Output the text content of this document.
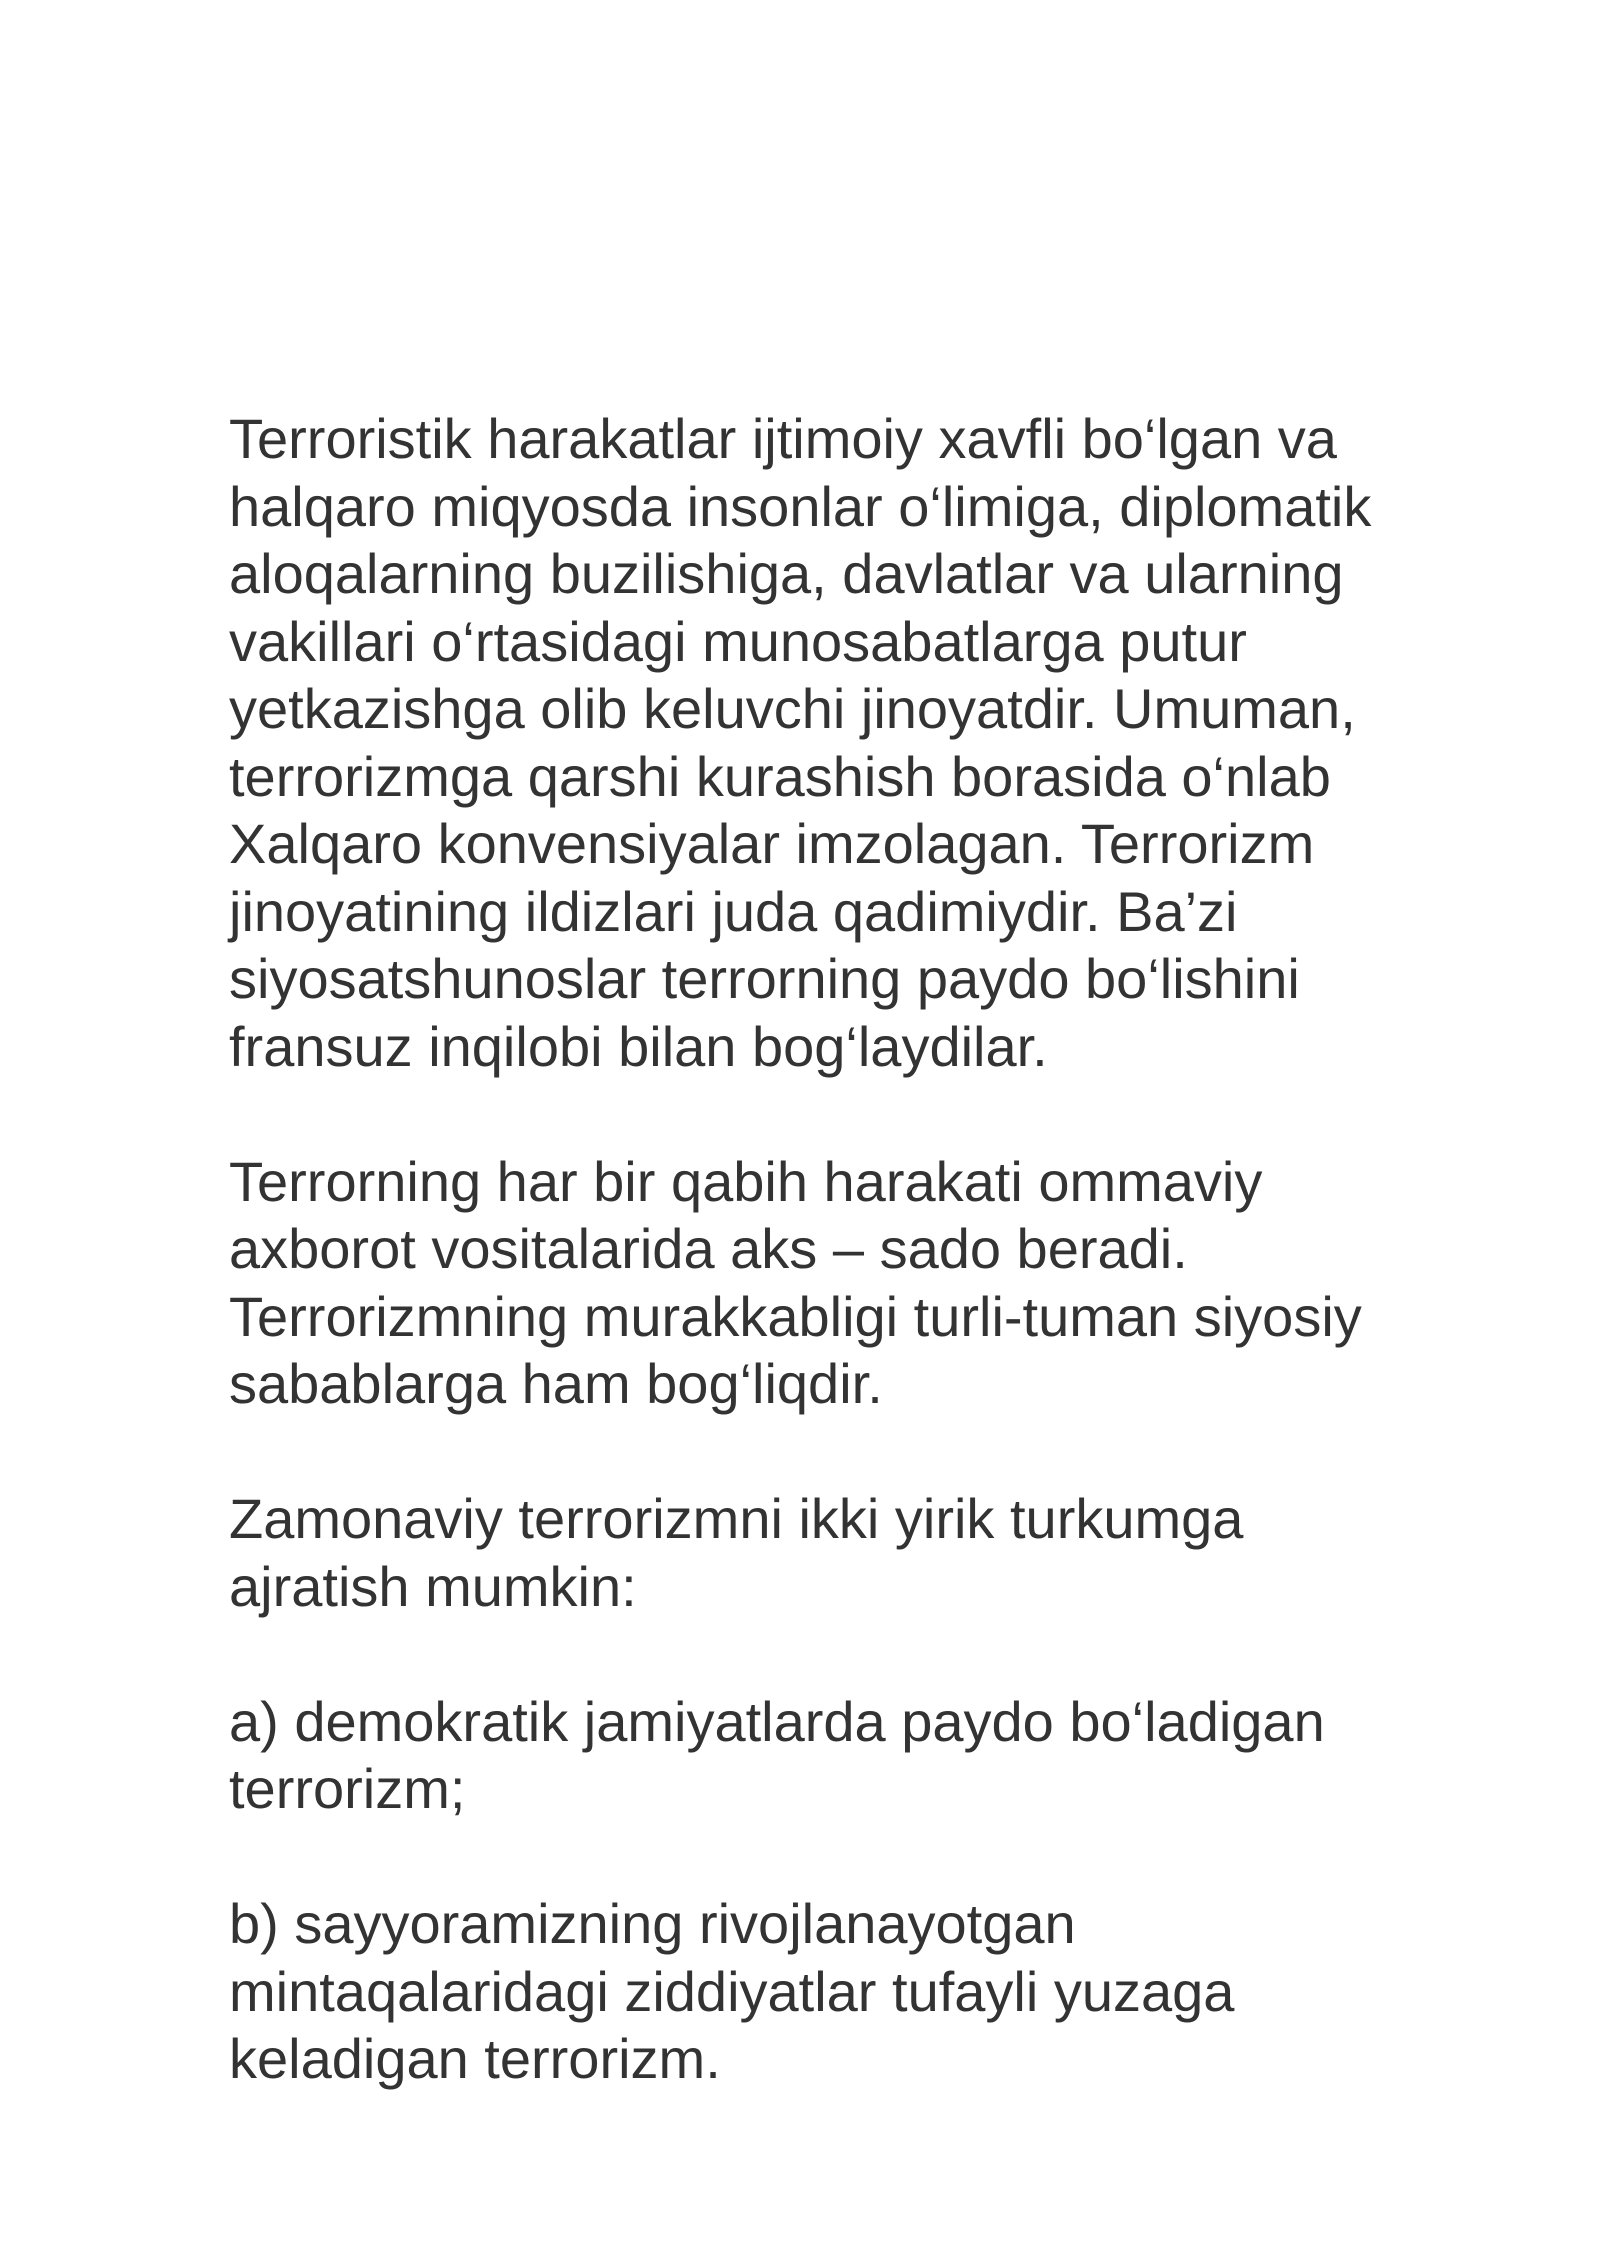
Terroristik harakatlar ijtimoiy xavfli bo‘lgan va
halqaro miqyosda insonlar o‘limiga, diplomatik
aloqalarning buzilishiga, davlatlar va ularning
vakillari o‘rtasidagi munosabatlarga putur
yetkazishga olib keluvchi jinoyatdir. Umuman,
terrorizmga qarshi kurashish borasida o‘nlab
Xalqaro konvensiyalar imzolagan. Terrorizm
jinoyatining ildizlari juda qadimiydir. Ba’zi
siyosatshunoslar terrorning paydo bo‘lishini
fransuz inqilobi bilan bog‘laydilar.

Terrorning har bir qabih harakati ommaviy
axborot vositalarida aks – sado beradi.
Terrorizmning murakkabligi turli-tuman siyosiy
sabablarga ham bog‘liqdir.

Zamonaviy terrorizmni ikki yirik turkumga
ajratish mumkin:

a) demokratik jamiyatlarda paydo bo‘ladigan
terrorizm;

b) sayyoramizning rivojlanayotgan
mintaqalaridagi ziddiyatlar tufayli yuzaga
keladigan terrorizm.
